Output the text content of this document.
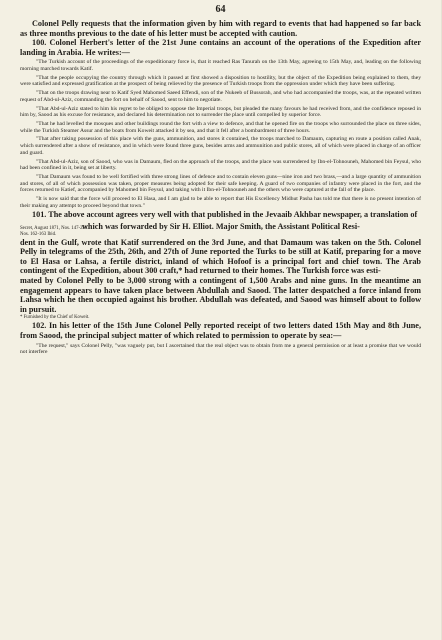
64

Colonel Pelly requests that the information given by him with regard to events that had happened so far back as three months previous to the date of his letter must be accepted with caution.

100. Colonel Herbert's letter of the 21st June contains an account of the operations of the Expedition after landing in Arabia. He writes:—

"The Turkish account of the proceedings of the expeditionary force is, that it reached Ras Tanurah on the 13th May, agreeing to 15th May, and, leading on the following morning marched towards Katif.

"That the people occupying the country through which it passed at first showed a disposition to hostility, but the object of the Expedition being explained to them, they were satisfied and expressed gratification at the prospect of being relieved by the presence of Turkish troops from the oppression under which they have been suffering.

"That on the troops drawing near to Katif Syed Mahomed Saeed Effendi, son of the Nukeeb of Bussorah, and who had accompanied the troops, was, at the repeated written request of Abd-ul-Aziz, commanding the fort on behalf of Saood, sent to him to negotiate.

"That Abd-ul-Aziz stated to him his regret to be obliged to oppose the Imperial troops, but pleaded the many favours he had received from, and the confidence reposed in him by, Saood as his excuse for resistance, and declared his determination not to surrender the place until compelled by superior force.

"That he had levelled the mosques and other buildings round the fort with a view to defence, and that he opened fire on the troops who surrounded the place on three sides, while the Turkish Steamer Assur and the boats from Koweit attacked it by sea, and that it fell after a bombardment of three hours.

"That after taking possession of this place with the guns, ammunition, and stores it contained, the troops marched to Damaum, capturing en route a position called Anak, which surrendered after a show of resistance, and in which were found three guns, besides arms and ammunition and public stores, all of which were placed in charge of an officer and guard.

"That Abd-ul-Aziz, son of Saood, who was in Damaum, fled on the approach of the troops, and the place was surrendered by Ibn-el-Tohnouneh, Mahomed bin Feysul, who had been confined in it, being set at liberty.

"That Damaum was found to be well fortified with three strong lines of defence and to contain eleven guns—nine iron and two brass,—and a large quantity of ammunition and stores, of all of which possession was taken, proper measures being adopted for their safe keeping. A guard of two companies of infantry were placed in the fort, and the forces returned to Katief, accompanied by Mahomed bin Feysul, and taking with it Ibn-el-Tohnouneh and the others who were captured at the fall of the place.

"It is now said that the force will proceed to El Hasa, and I am glad to be able to report that His Excellency Midhut Pasha has told me that there is no present intention of their making any attempt to proceed beyond that town."

101. The above account agrees very well with that published in the Jevaaib Akhbar newspaper, a translation of

Secret, August 1871, Nos. 147-251.
Nos. 162-163 Ibid.

which was forwarded by Sir H. Elliot. Major Smith, the Assistant Political Resi-

dent in the Gulf, wrote that Katif surrendered on the 3rd June, and that Damaum was taken on the 5th. Colonel Pelly in telegrams of the 25th, 26th, and 27th of June reported the Turks to be still at Katif, preparing for a move to El Hasa or Lahsa, a fertile district, inland of which Hofoof is a principal fort and chief town. The Arab contingent of the Expedition, about 300 craft,* had returned to their homes. The Turkish force was esti-

mated by Colonel Pelly to be 3,000 strong with a contingent of 1,500 Arabs and nine guns. In the meantime an engagement appears to have taken place between Abdullah and Saood. The latter despatched a force inland from Lahsa which he then occupied against his brother. Abdullah was defeated, and Saood was himself about to follow in pursuit.

* Furnished by the Chief of Koweit.

102. In his letter of the 15th June Colonel Pelly reported receipt of two letters dated 15th May and 8th June, from Saood, the principal subject matter of which related to permission to operate by sea:—

"The request," says Colonel Pelly, "was vaguely put, but I ascertained that the real object was to obtain from me a general permission or at least a promise that we would not interfere
